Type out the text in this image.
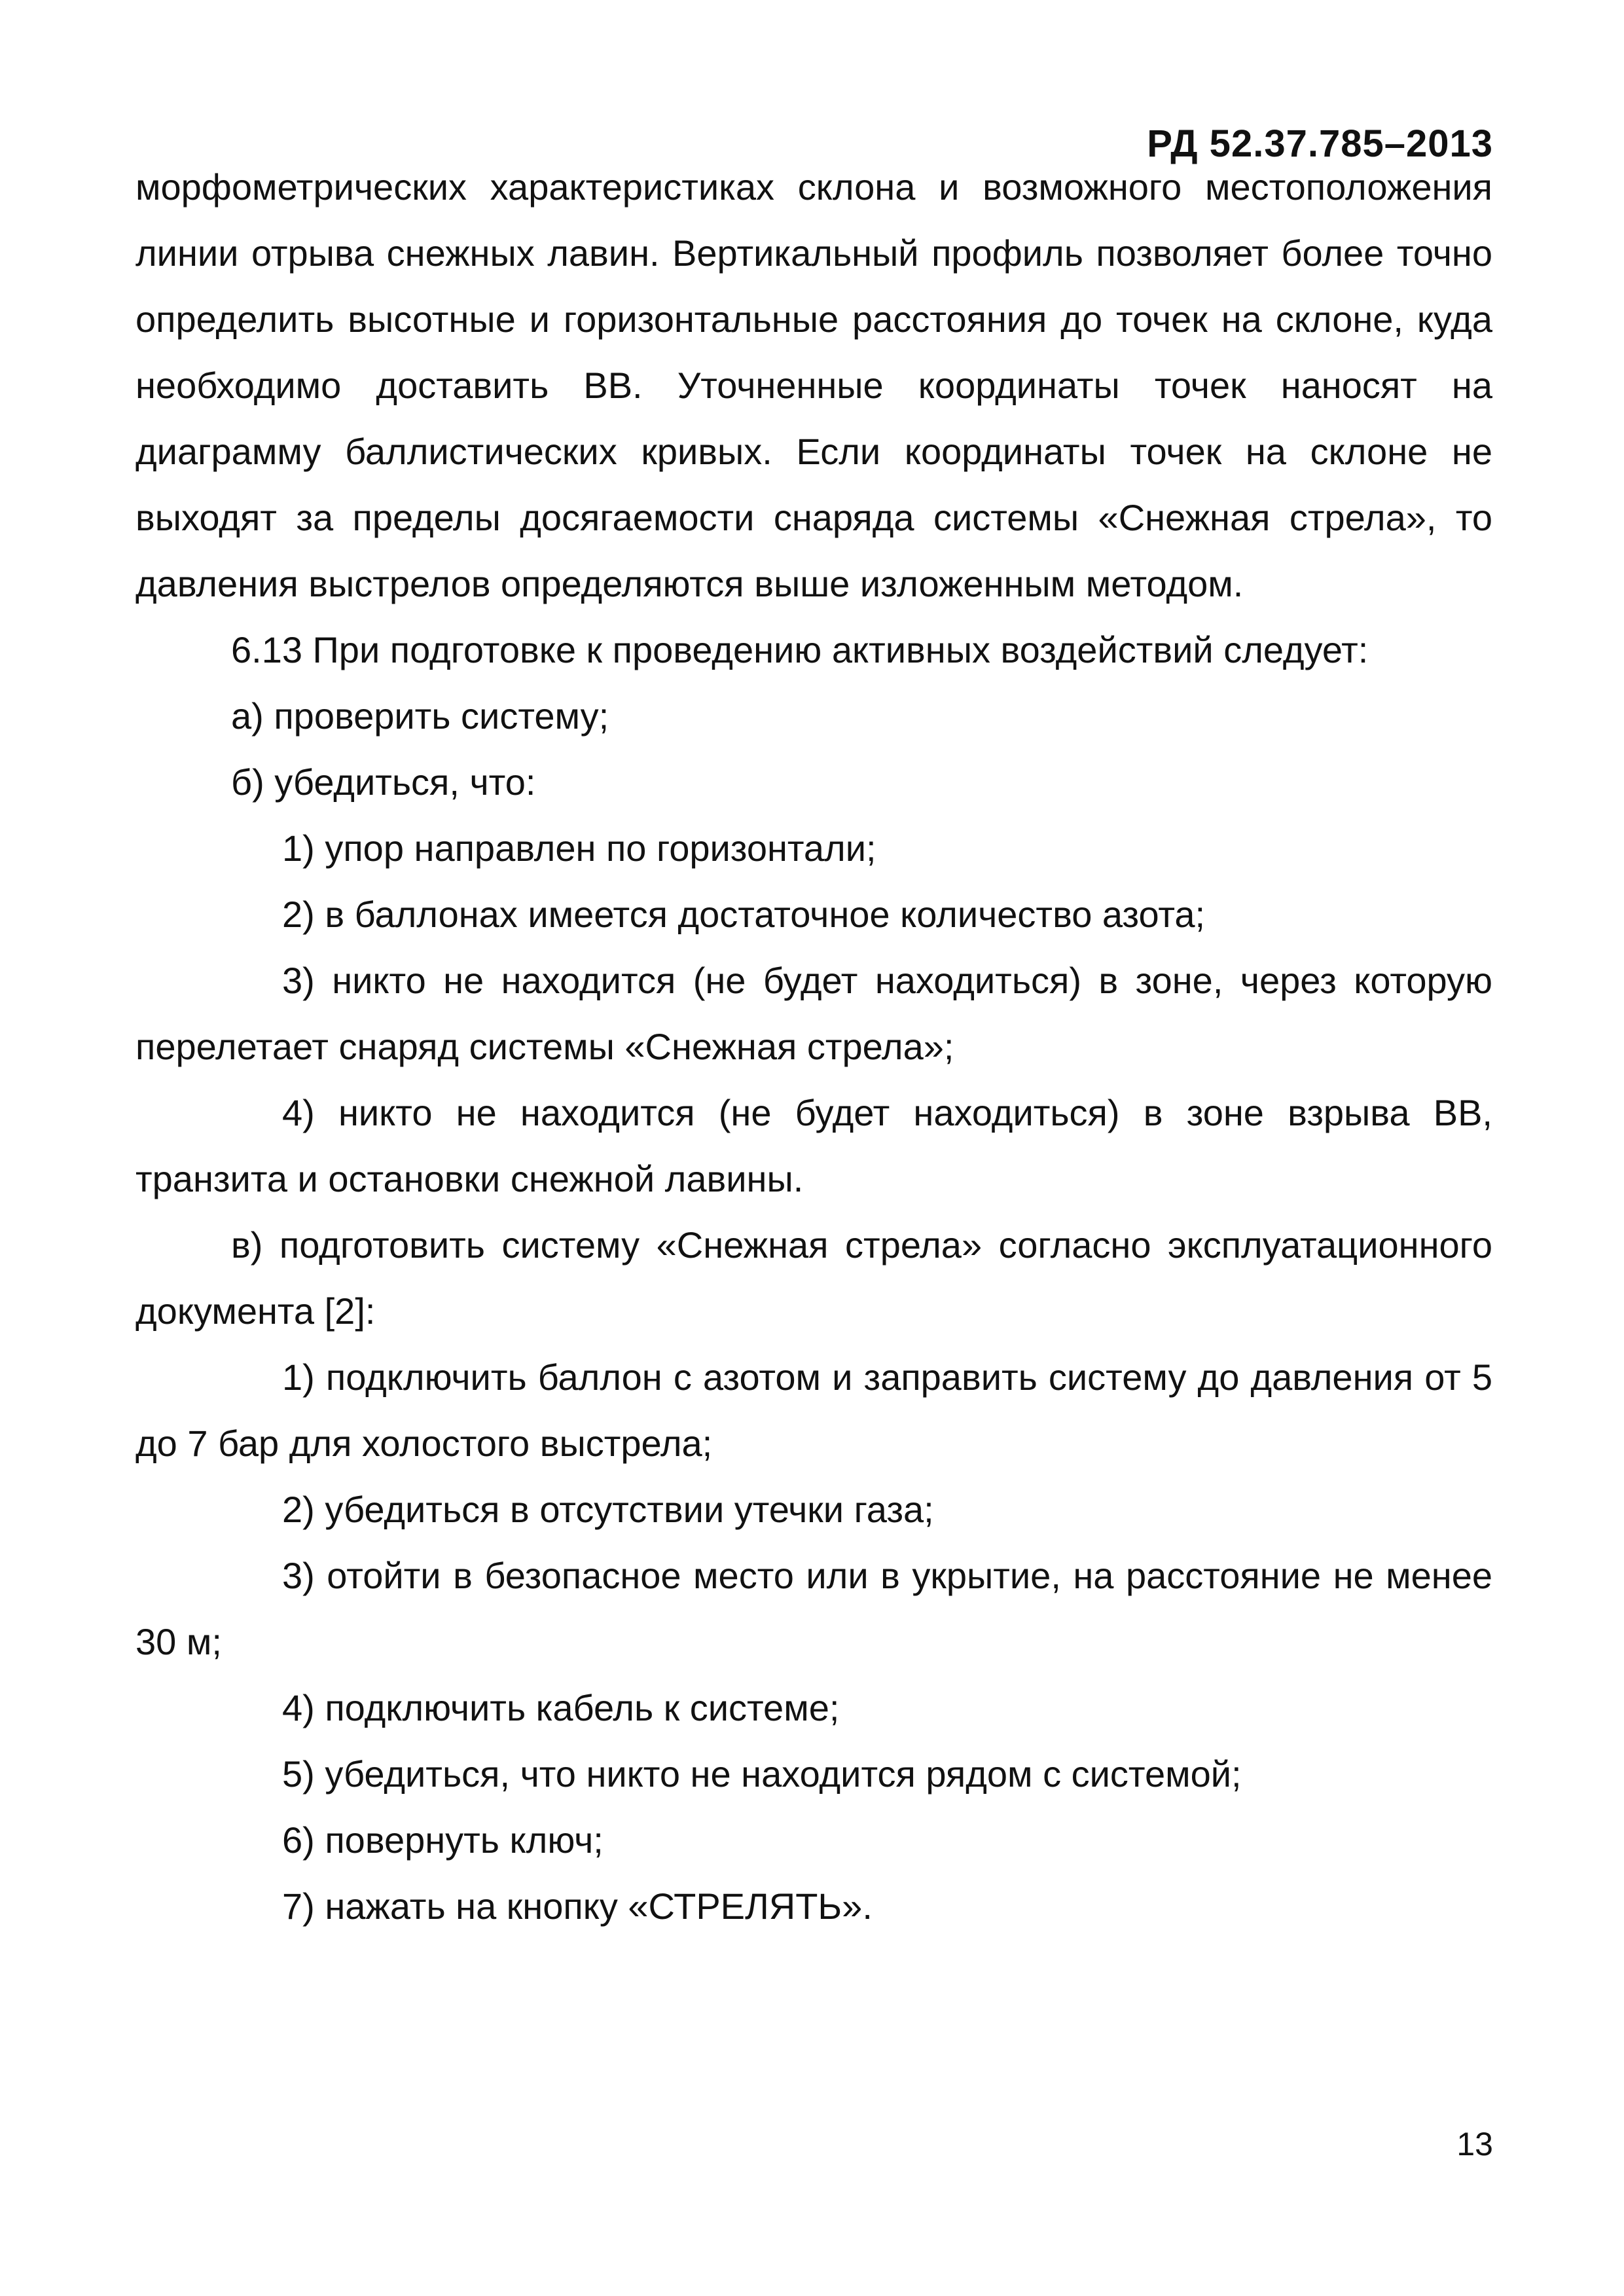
РД 52.37.785–2013

морфометрических характеристиках склона и возможного местоположения линии отрыва снежных лавин. Вертикальный профиль позволяет более точно определить высотные и горизонтальные расстояния до точек на склоне, куда необходимо доставить ВВ. Уточненные координаты точек наносят на диаграмму баллистических кривых. Если координаты точек на склоне не выходят за пределы досягаемости снаряда системы «Снежная стрела», то давления выстрелов определяются выше изложенным методом.

6.13 При подготовке к проведению активных воздействий следует:

а) проверить систему;

б) убедиться, что:

1) упор направлен по горизонтали;

2) в баллонах имеется достаточное количество азота;

3) никто не находится (не будет находиться) в зоне, через которую перелетает снаряд системы «Снежная стрела»;

4) никто не находится (не будет находиться) в зоне взрыва ВВ, транзита и остановки снежной лавины.

в) подготовить систему «Снежная стрела» согласно эксплуатационного документа [2]:

1) подключить баллон с азотом и заправить систему до давления от 5 до 7 бар для холостого выстрела;

2) убедиться в отсутствии утечки газа;

3) отойти в безопасное место или в укрытие, на расстояние не менее 30 м;

4) подключить кабель к системе;

5) убедиться, что никто не находится рядом с системой;

6) повернуть ключ;

7) нажать на кнопку «СТРЕЛЯТЬ».

13
